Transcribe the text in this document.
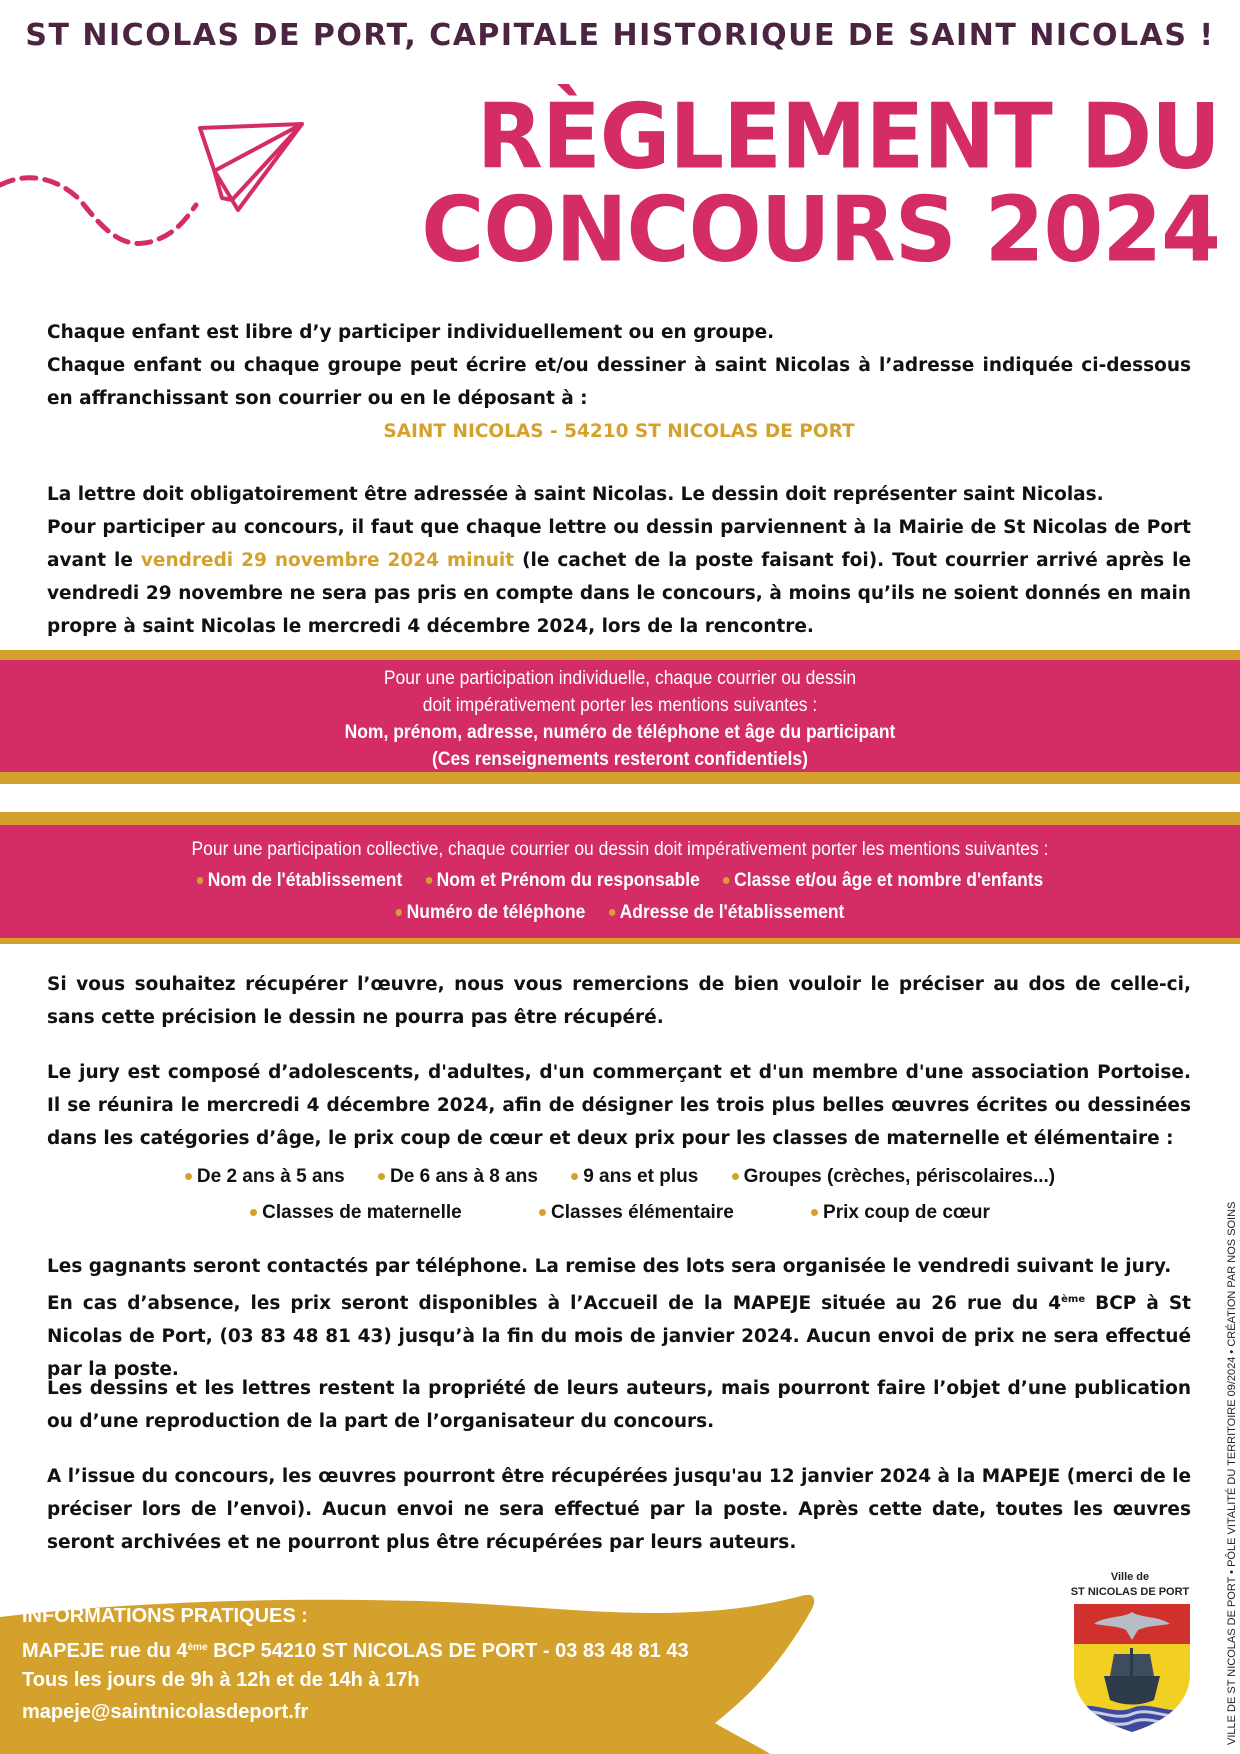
ST NICOLAS DE PORT, CAPITALE HISTORIQUE DE SAINT NICOLAS !
RÈGLEMENT DU
CONCOURS 2024
Chaque enfant est libre d’y participer individuellement ou en groupe.
Chaque enfant ou chaque groupe peut écrire et/ou dessiner à saint Nicolas à l’adresse indiquée ci-dessous en affranchissant son courrier ou en le déposant à :
SAINT NICOLAS - 54210 ST NICOLAS DE PORT
La lettre doit obligatoirement être adressée à saint Nicolas. Le dessin doit représenter saint Nicolas.
Pour participer au concours, il faut que chaque lettre ou dessin parviennent à la Mairie de St Nicolas de Port avant le vendredi 29 novembre 2024 minuit (le cachet de la poste faisant foi). Tout courrier arrivé après le vendredi 29 novembre ne sera pas pris en compte dans le concours, à moins qu’ils ne soient donnés en main propre à saint Nicolas le mercredi 4 décembre 2024, lors de la rencontre.
Pour une participation individuelle, chaque courrier ou dessin
doit impérativement porter les mentions suivantes :
Nom, prénom, adresse, numéro de téléphone et âge du participant
(Ces renseignements resteront confidentiels)
Pour une participation collective, chaque courrier ou dessin doit impérativement porter les mentions suivantes :
Nom de l'établissement Nom et Prénom du responsable Classe et/ou âge et nombre d'enfants
Numéro de téléphone Adresse de l'établissement
Si vous souhaitez récupérer l’œuvre, nous vous remercions de bien vouloir le préciser au dos de celle-ci, sans cette précision le dessin ne pourra pas être récupéré.
Le jury est composé d’adolescents, d'adultes, d'un commerçant et d'un membre d'une association Portoise. Il se réunira le mercredi 4 décembre 2024, afin de désigner les trois plus belles œuvres écrites ou dessinées dans les catégories d’âge, le prix coup de cœur et deux prix pour les classes de maternelle et élémentaire :
De 2 ans à 5 ans De 6 ans à 8 ans 9 ans et plus Groupes (crèches, périscolaires...)
Classes de maternelle	Classes élémentaire	Prix coup de cœur
Les gagnants seront contactés par téléphone. La remise des lots sera organisée le vendredi suivant le jury.
En cas d’absence, les prix seront disponibles à l’Accueil de la MAPEJE située au 26 rue du 4ème BCP à St Nicolas de Port, (03 83 48 81 43) jusqu’à la fin du mois de janvier 2024. Aucun envoi de prix ne sera effectué par la poste.
Les dessins et les lettres restent la propriété de leurs auteurs, mais pourront faire l’objet d’une publication ou d’une reproduction de la part de l’organisateur du concours.
A l’issue du concours, les œuvres pourront être récupérées jusqu'au 12 janvier 2024 à la MAPEJE (merci de le préciser lors de l’envoi). Aucun envoi ne sera effectué par la poste. Après cette date, toutes les œuvres seront archivées et ne pourront plus être récupérées par leurs auteurs.
INFORMATIONS PRATIQUES :
MAPEJE rue du 4ème BCP 54210 ST NICOLAS DE PORT - 03 83 48 81 43
Tous les jours de 9h à 12h et de 14h à 17h
mapeje@saintnicolasdeport.fr
Ville de
ST NICOLAS DE PORT	VILLE DE ST NICOLAS DE PORT • PÔLE VITALITÉ DU TERRITOIRE 09/2024 • CRÉATION PAR NOS SOINS
